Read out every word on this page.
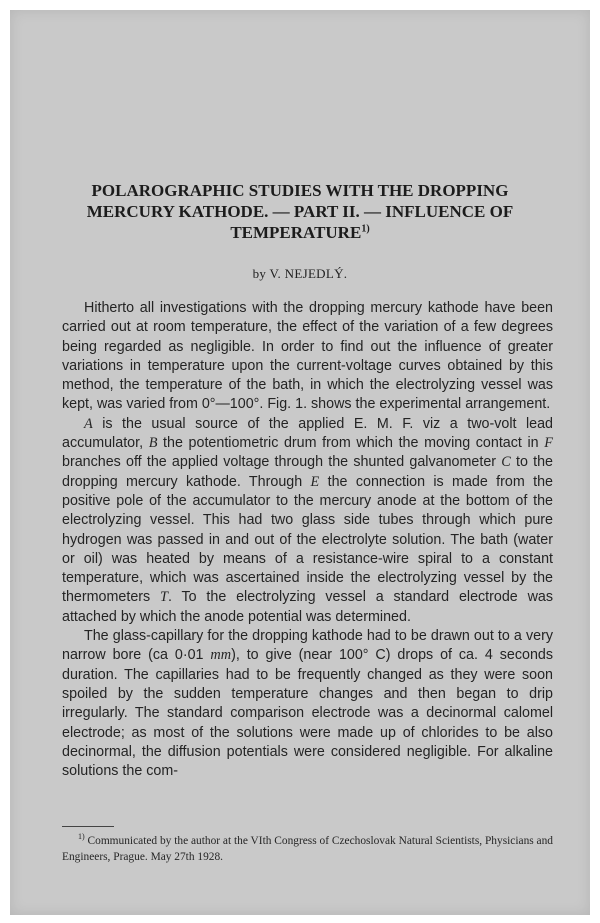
POLAROGRAPHIC STUDIES WITH THE DROPPING MERCURY KATHODE. — PART II. — INFLUENCE OF TEMPERATURE$^{1)}$
by V. NEJEDLÝ.

Hitherto all investigations with the dropping mercury kathode have been carried out at room temperature, the effect of the variation of a few degrees being regarded as negligible. In order to find out the influence of greater variations in temperature upon the current-voltage curves obtained by this method, the temperature of the bath, in which the electrolyzing vessel was kept, was varied from 0°—100°. Fig. 1. shows the experimental arrangement.

A is the usual source of the applied E. M. F. viz a two-volt lead accumulator, B the potentiometric drum from which the moving contact in F branches off the applied voltage through the shunted galvanometer C to the dropping mercury kathode. Through E the connection is made from the positive pole of the accumulator to the mercury anode at the bottom of the electrolyzing vessel. This had two glass side tubes through which pure hydrogen was passed in and out of the electrolyte solution. The bath (water or oil) was heated by means of a resistance-wire spiral to a constant temperature, which was ascertained inside the electrolyzing vessel by the thermometers T. To the electrolyzing vessel a standard electrode was attached by which the anode potential was determined.

The glass-capillary for the dropping kathode had to be drawn out to a very narrow bore (ca 0·01 mm), to give (near 100° C) drops of ca. 4 seconds duration. The capillaries had to be frequently changed as they were soon spoiled by the sudden temperature changes and then began to drip irregularly. The standard comparison electrode was a decinormal calomel electrode; as most of the solutions were made up of chlorides to be also decinormal, the diffusion potentials were considered negligible. For alkaline solutions the com-

$^{1)}$ Communicated by the author at the VIth Congress of Czechoslovak Natural Scientists, Physicians and Engineers, Prague. May 27th 1928.
